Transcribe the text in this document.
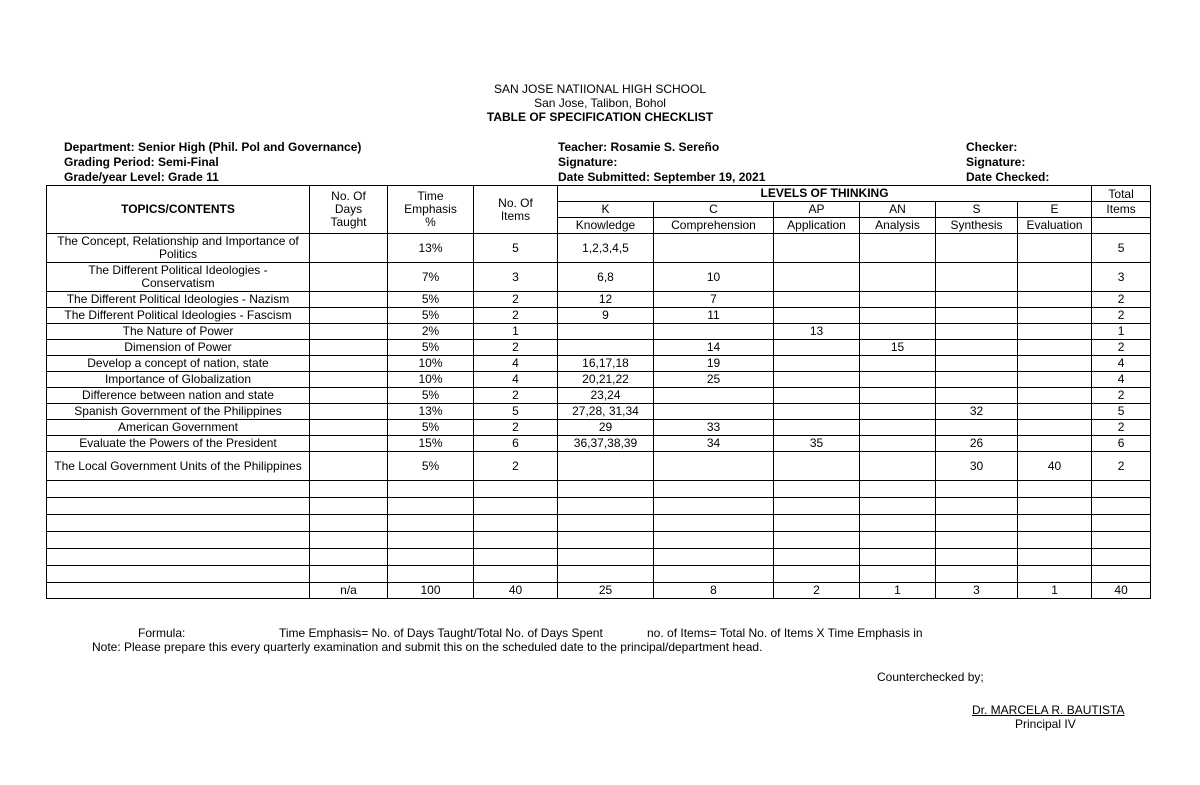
SAN JOSE NATIIONAL HIGH SCHOOL
San Jose, Talibon, Bohol
TABLE OF SPECIFICATION CHECKLIST
Department: Senior High (Phil. Pol and Governance)
Grading Period: Semi-Final
Grade/year Level: Grade 11
Teacher: Rosamie S. Sereño
Signature:
Date Submitted: September 19, 2021
Checker:
Signature:
Date Checked:
TOPICS/CONTENTS	No. Of Days Taught	Time Emphasis %	No. Of Items	LEVELS OF THINKING						Total

				K	C	AP	AN	S	E	Items
				Knowledge	Comprehension	Application	Analysis	Synthesis	Evaluation	
The Concept, Relationship and Importance of Politics		13%	5	1,2,3,4,5						5
The Different Political Ideologies - Conservatism		7%	3	6,8	10					3
The Different Political Ideologies - Nazism		5%	2	12	7					2
The Different Political Ideologies - Fascism		5%	2	9	11					2
The Nature of Power		2%	1			13				1
Dimension of Power		5%	2		14		15			2
Develop a concept of nation, state		10%	4	16,17,18	19					4
Importance of Globalization		10%	4	20,21,22	25					4
Difference between nation and state		5%	2	23,24						2
Spanish Government of the Philippines		13%	5	27,28, 31,34				32		5
American Government		5%	2	29	33					2
Evaluate the Powers of the President		15%	6	36,37,38,39	34	35		26		6
The Local Government Units of the Philippines		5%	2					30	40	2

	n/a	100	40	25	8	2	1	3	1	40
Formula:	Time Emphasis= No. of Days Taught/Total No. of Days Spent	no. of Items= Total No. of Items X Time Emphasis in
Note: Please prepare this every quarterly examination and submit this on the scheduled date to the principal/department head.
Counterchecked by;
Dr. MARCELA R. BAUTISTA
Principal IV
